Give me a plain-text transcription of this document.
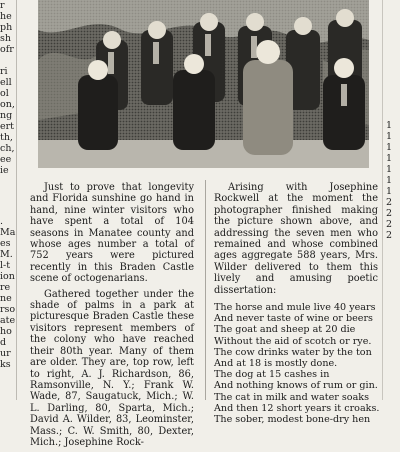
r
he
ph
sh
ofr
ri
ell
ol
on,
ng
ert
th,
ch,
ee
ie
.
Ma
es
M.
l-t
ion
re
ne
rso
ate
ho
d
ur
ks

Just to prove that longevity and Florida sunshine go hand in hand, nine winter visitors who have spent a total of 104 seasons in Manatee county and whose ages number a total of 752 years were pictured recently in this Braden Castle scene of octogenarians.

Gathered together under the shade of palms in a park at picturesque Braden Castle these visitors represent members of the colony who have reached their 80th year. Many of them are older. They are, top row, left to right, A. J. Richardson, 86, Ramsonville, N. Y.; Frank W. Wade, 87, Saugatuck, Mich.; W. L. Darling, 80, Sparta, Mich.; David A. Wilder, 83, Leominster, Mass.; C. W. Smith, 80, Dexter, Mich.; Josephine Rock-

Arising with Josephine Rockwell at the moment the photographer finished making the picture shown above, and addressing the seven men who remained and whose combined ages aggregate 588 years, Mrs. Wilder delivered to them this lively and amusing poetic dissertation:

The horse and mule live 40 years
And never taste of wine or beers
The goat and sheep at 20 die
Without the aid of scotch or rye.
The cow drinks water by the ton
And at 18 is mostly done.
The dog at 15 cashes in
And nothing knows of rum or gin.
The cat in milk and water soaks
And then 12 short years it croaks.
The sober, modest bone-dry hen
1
1
1
1
1
1
1
2
2
2
2
